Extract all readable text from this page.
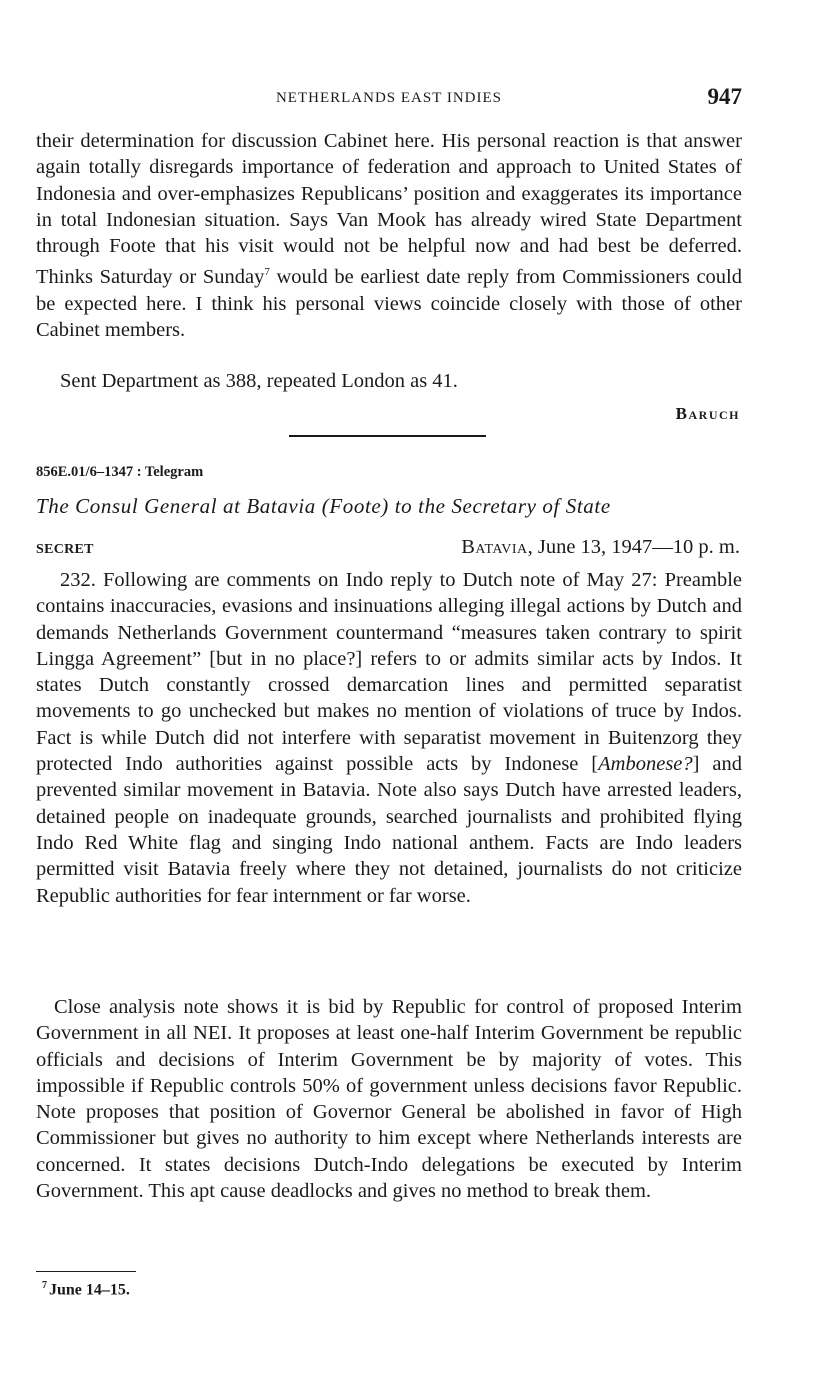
NETHERLANDS EAST INDIES	947

their determination for discussion Cabinet here. His personal reaction is that answer again totally disregards importance of federation and approach to United States of Indonesia and over-emphasizes Republicans’ position and exaggerates its importance in total Indonesian situation. Says Van Mook has already wired State Department through Foote that his visit would not be helpful now and had best be deferred. Thinks Saturday or Sunday$^7$ would be earliest date reply from Commissioners could be expected here. I think his personal views coincide closely with those of other Cabinet members.

Sent Department as 388, repeated London as 41.
Baruch
856E.01/6–1347 : Telegram

The Consul General at Batavia (Foote) to the Secretary of State

SECRET	Batavia, June 13, 1947—10 p. m.

232. Following are comments on Indo reply to Dutch note of May 27: Preamble contains inaccuracies, evasions and insinuations alleging illegal actions by Dutch and demands Netherlands Government countermand “measures taken contrary to spirit Lingga Agreement” [but in no place?] refers to or admits similar acts by Indos. It states Dutch constantly crossed demarcation lines and permitted separatist movements to go unchecked but makes no mention of violations of truce by Indos. Fact is while Dutch did not interfere with separatist movement in Buitenzorg they protected Indo authorities against possible acts by Indonese [Ambonese?] and prevented similar movement in Batavia. Note also says Dutch have arrested leaders, detained people on inadequate grounds, searched journalists and prohibited flying Indo Red White flag and singing Indo national anthem. Facts are Indo leaders permitted visit Batavia freely where they not detained, journalists do not criticize Republic authorities for fear internment or far worse.

Close analysis note shows it is bid by Republic for control of proposed Interim Government in all NEI. It proposes at least one-half Interim Government be republic officials and decisions of Interim Government be by majority of votes. This impossible if Republic controls 50% of government unless decisions favor Republic. Note proposes that position of Governor General be abolished in favor of High Commissioner but gives no authority to him except where Netherlands interests are concerned. It states decisions Dutch-Indo delegations be executed by Interim Government. This apt cause deadlocks and gives no method to break them.

$^7$ June 14–15.
